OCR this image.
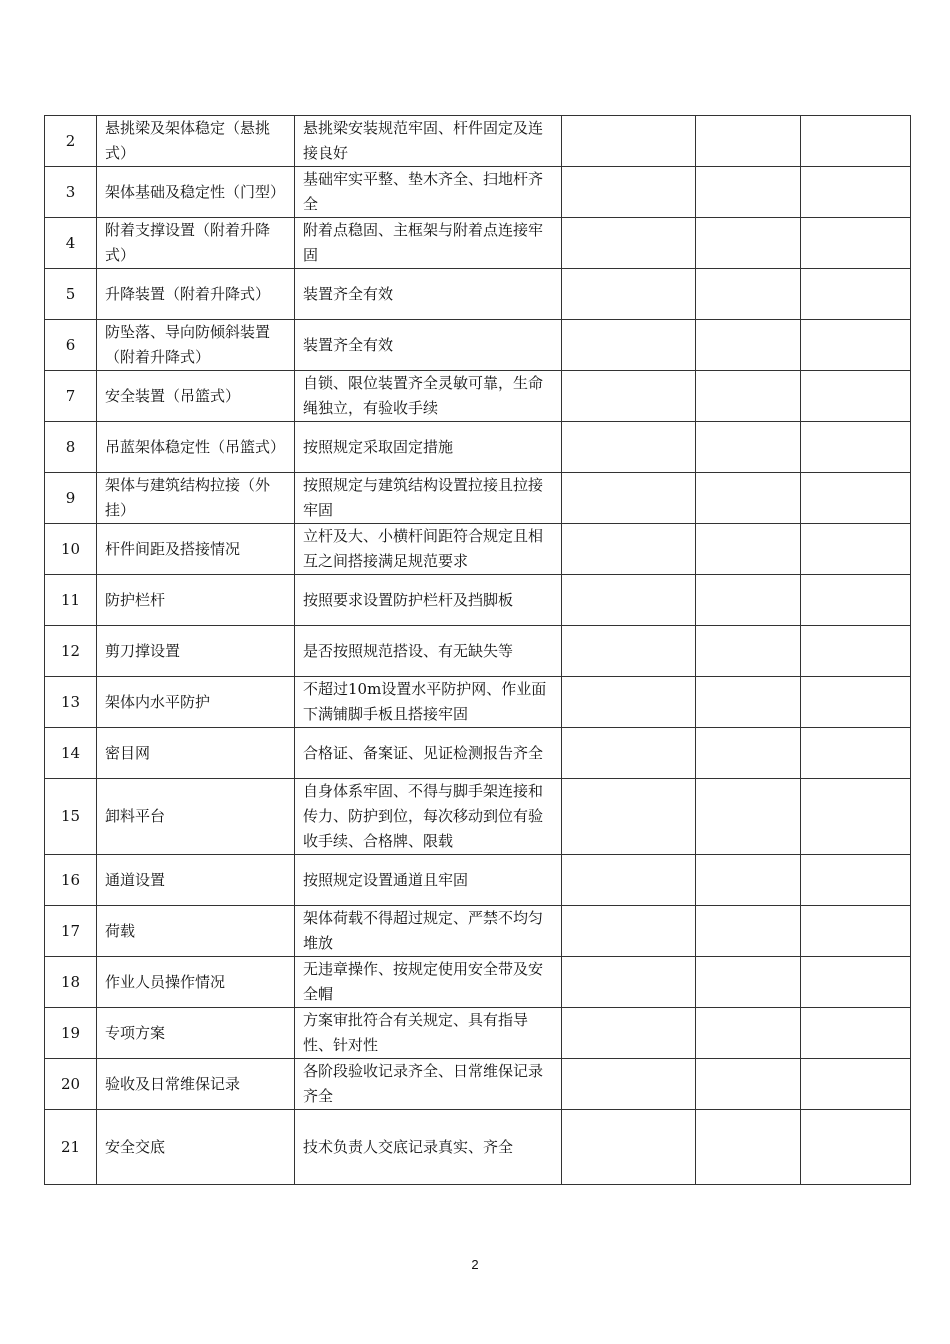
2	悬挑梁及架体稳定（悬挑式）	悬挑梁安装规范牢固、杆件固定及连接良好			
3	架体基础及稳定性（门型）	基础牢实平整、垫木齐全、扫地杆齐全			
4	附着支撑设置（附着升降式）	附着点稳固、主框架与附着点连接牢固			
5	升降装置（附着升降式）	装置齐全有效			
6	防坠落、导向防倾斜装置（附着升降式）	装置齐全有效			
7	安全装置（吊篮式）	自锁、限位装置齐全灵敏可靠，生命绳独立，有验收手续			
8	吊蓝架体稳定性（吊篮式）	按照规定采取固定措施			
9	架体与建筑结构拉接（外挂）	按照规定与建筑结构设置拉接且拉接牢固			
10	杆件间距及搭接情况	立杆及大、小横杆间距符合规定且相互之间搭接满足规范要求			
11	防护栏杆	按照要求设置防护栏杆及挡脚板			
12	剪刀撑设置	是否按照规范搭设、有无缺失等			
13	架体内水平防护	不超过10m设置水平防护网、作业面下满铺脚手板且搭接牢固			
14	密目网	合格证、备案证、见证检测报告齐全			
15	卸料平台	自身体系牢固、不得与脚手架连接和传力、防护到位，每次移动到位有验收手续、合格牌、限载			
16	通道设置	按照规定设置通道且牢固			
17	荷载	架体荷载不得超过规定、严禁不均匀堆放			
18	作业人员操作情况	无违章操作、按规定使用安全带及安全帽			
19	专项方案	方案审批符合有关规定、具有指导性、针对性			
20	验收及日常维保记录	各阶段验收记录齐全、日常维保记录齐全			
21	安全交底	技术负责人交底记录真实、齐全			
2
